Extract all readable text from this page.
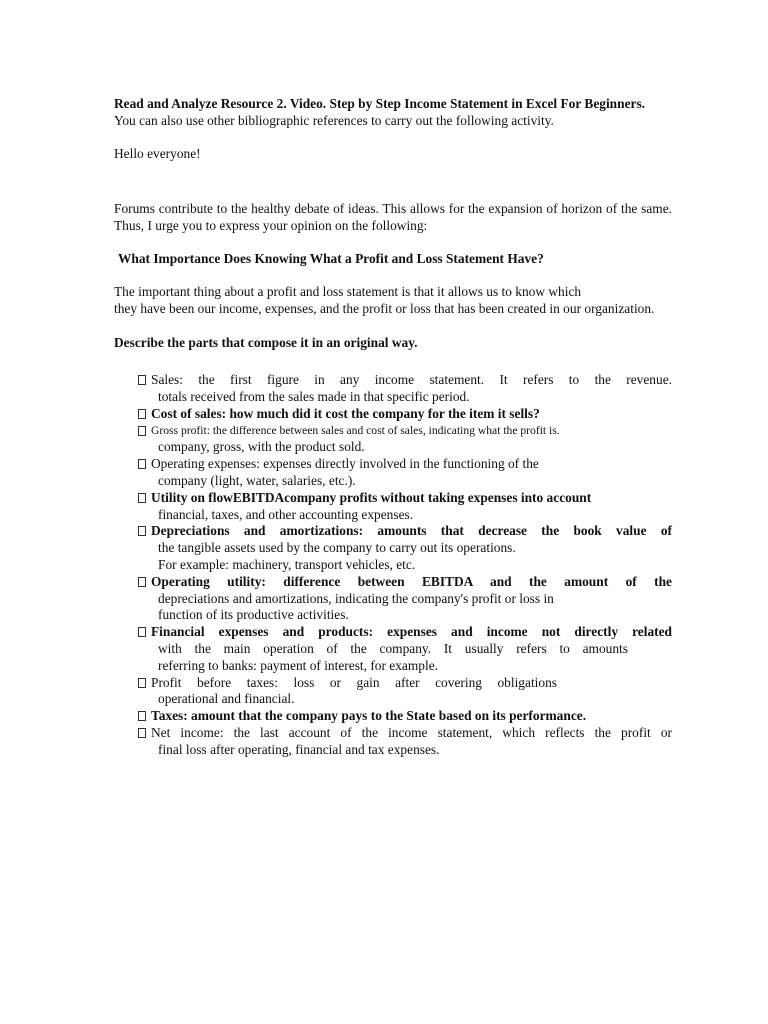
Read and Analyze Resource 2. Video. Step by Step Income Statement in Excel For Beginners.

You can also use other bibliographic references to carry out the following activity.

Hello everyone!

Forums contribute to the healthy debate of ideas. This allows for the expansion of horizon of the same. Thus, I urge you to express your opinion on the following:

What Importance Does Knowing What a Profit and Loss Statement Have?

The important thing about a profit and loss statement is that it allows us to know which
they have been our income, expenses, and the profit or loss that has been created in our organization.

Describe the parts that compose it in an original way.

Sales: the first figure in any income statement. It refers to the revenue.
totals received from the sales made in that specific period.
Cost of sales: how much did it cost the company for the item it sells?
Gross profit: the difference between sales and cost of sales, indicating what the profit is.
company, gross, with the product sold.
Operating expenses: expenses directly involved in the functioning of the
company (light, water, salaries, etc.).
Utility on flowEBITDAcompany profits without taking expenses into account
financial, taxes, and other accounting expenses.
Depreciations and amortizations: amounts that decrease the book value of
the tangible assets used by the company to carry out its operations.
For example: machinery, transport vehicles, etc.
Operating utility: difference between EBITDA and the amount of the
depreciations and amortizations, indicating the company's profit or loss in
function of its productive activities.
Financial expenses and products: expenses and income not directly related
with the main operation of the company. It usually refers to amounts
referring to banks: payment of interest, for example.
Profit before taxes: loss or gain after covering obligations
operational and financial.
Taxes: amount that the company pays to the State based on its performance.
Net income: the last account of the income statement, which reflects the profit or
final loss after operating, financial and tax expenses.
